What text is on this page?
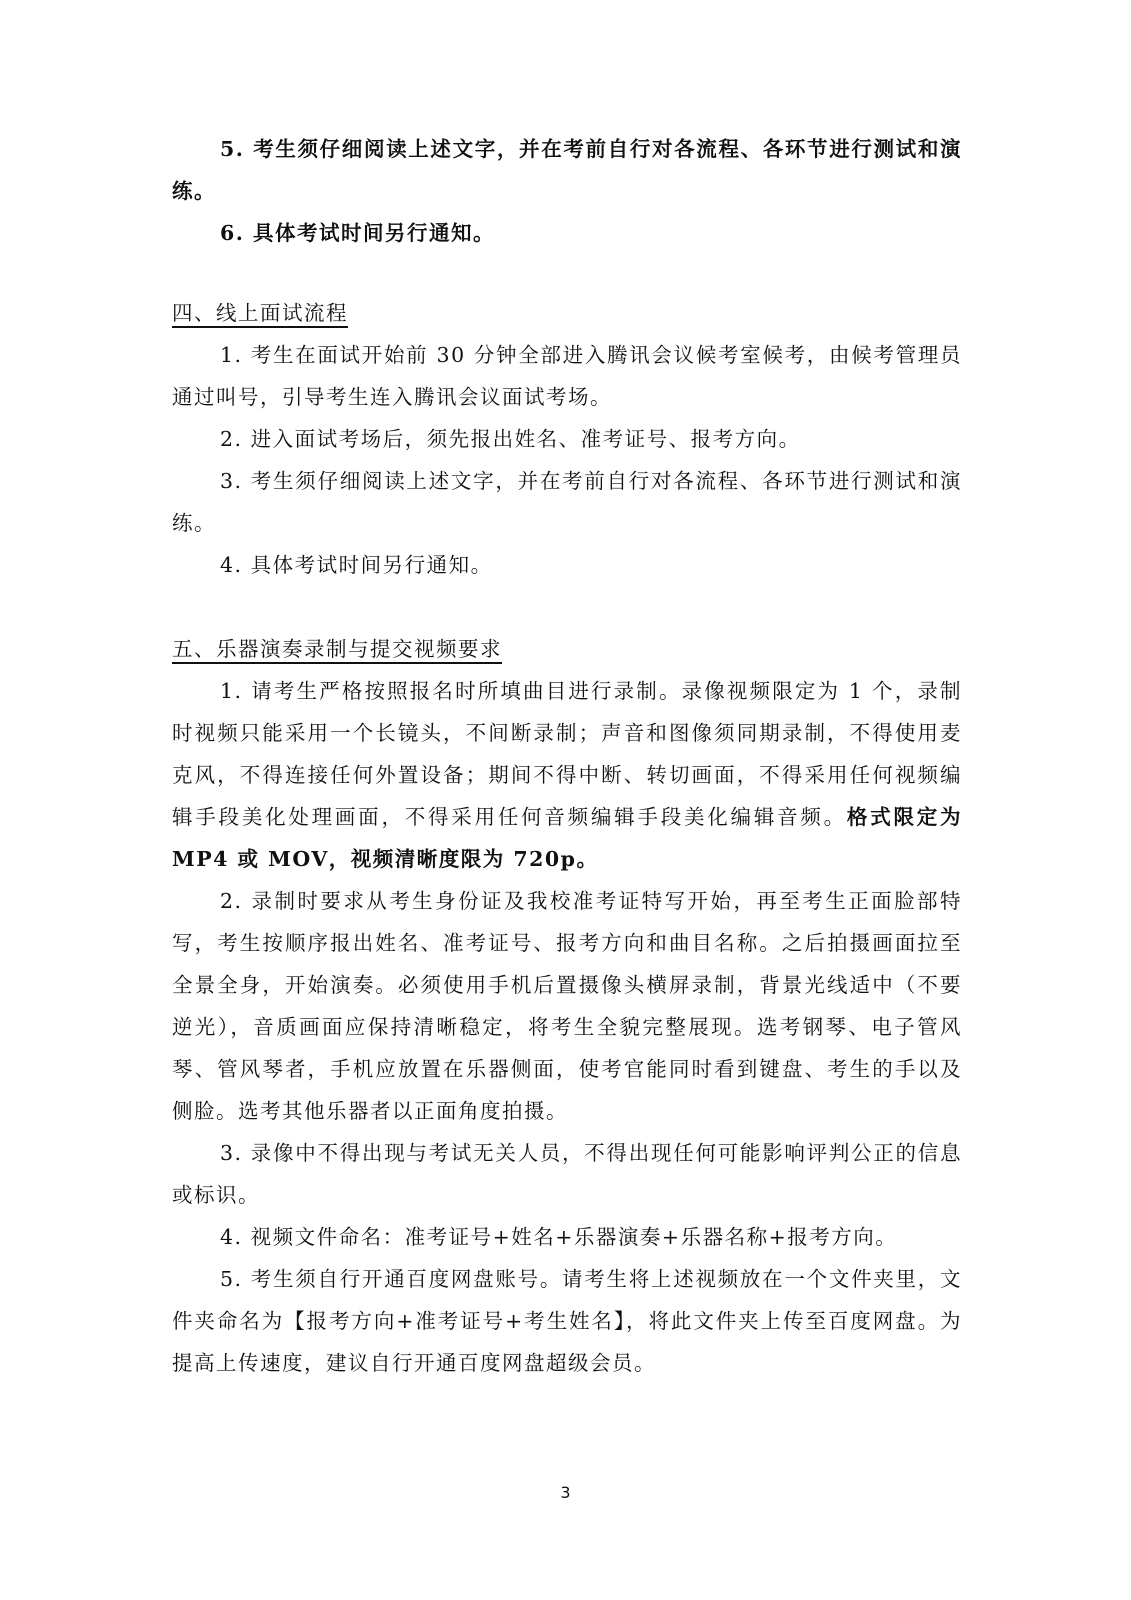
5. 考生须仔细阅读上述文字，并在考前自行对各流程、各环节进行测试和演练。

6. 具体考试时间另行通知。

四、线上面试流程

1. 考生在面试开始前 30 分钟全部进入腾讯会议候考室候考，由候考管理员通过叫号，引导考生连入腾讯会议面试考场。

2. 进入面试考场后，须先报出姓名、准考证号、报考方向。

3. 考生须仔细阅读上述文字，并在考前自行对各流程、各环节进行测试和演练。

4. 具体考试时间另行通知。

五、乐器演奏录制与提交视频要求

1. 请考生严格按照报名时所填曲目进行录制。录像视频限定为 1 个，录制时视频只能采用一个长镜头，不间断录制；声音和图像须同期录制，不得使用麦克风，不得连接任何外置设备；期间不得中断、转切画面，不得采用任何视频编辑手段美化处理画面，不得采用任何音频编辑手段美化编辑音频。格式限定为 MP4 或 MOV，视频清晰度限为 720p。

2. 录制时要求从考生身份证及我校准考证特写开始，再至考生正面脸部特写，考生按顺序报出姓名、准考证号、报考方向和曲目名称。之后拍摄画面拉至全景全身，开始演奏。必须使用手机后置摄像头横屏录制，背景光线适中（不要逆光），音质画面应保持清晰稳定，将考生全貌完整展现。选考钢琴、电子管风琴、管风琴者，手机应放置在乐器侧面，使考官能同时看到键盘、考生的手以及侧脸。选考其他乐器者以正面角度拍摄。

3. 录像中不得出现与考试无关人员，不得出现任何可能影响评判公正的信息或标识。

4. 视频文件命名：准考证号+姓名+乐器演奏+乐器名称+报考方向。

5. 考生须自行开通百度网盘账号。请考生将上述视频放在一个文件夹里，文件夹命名为【报考方向+准考证号+考生姓名】，将此文件夹上传至百度网盘。为提高上传速度，建议自行开通百度网盘超级会员。

3
